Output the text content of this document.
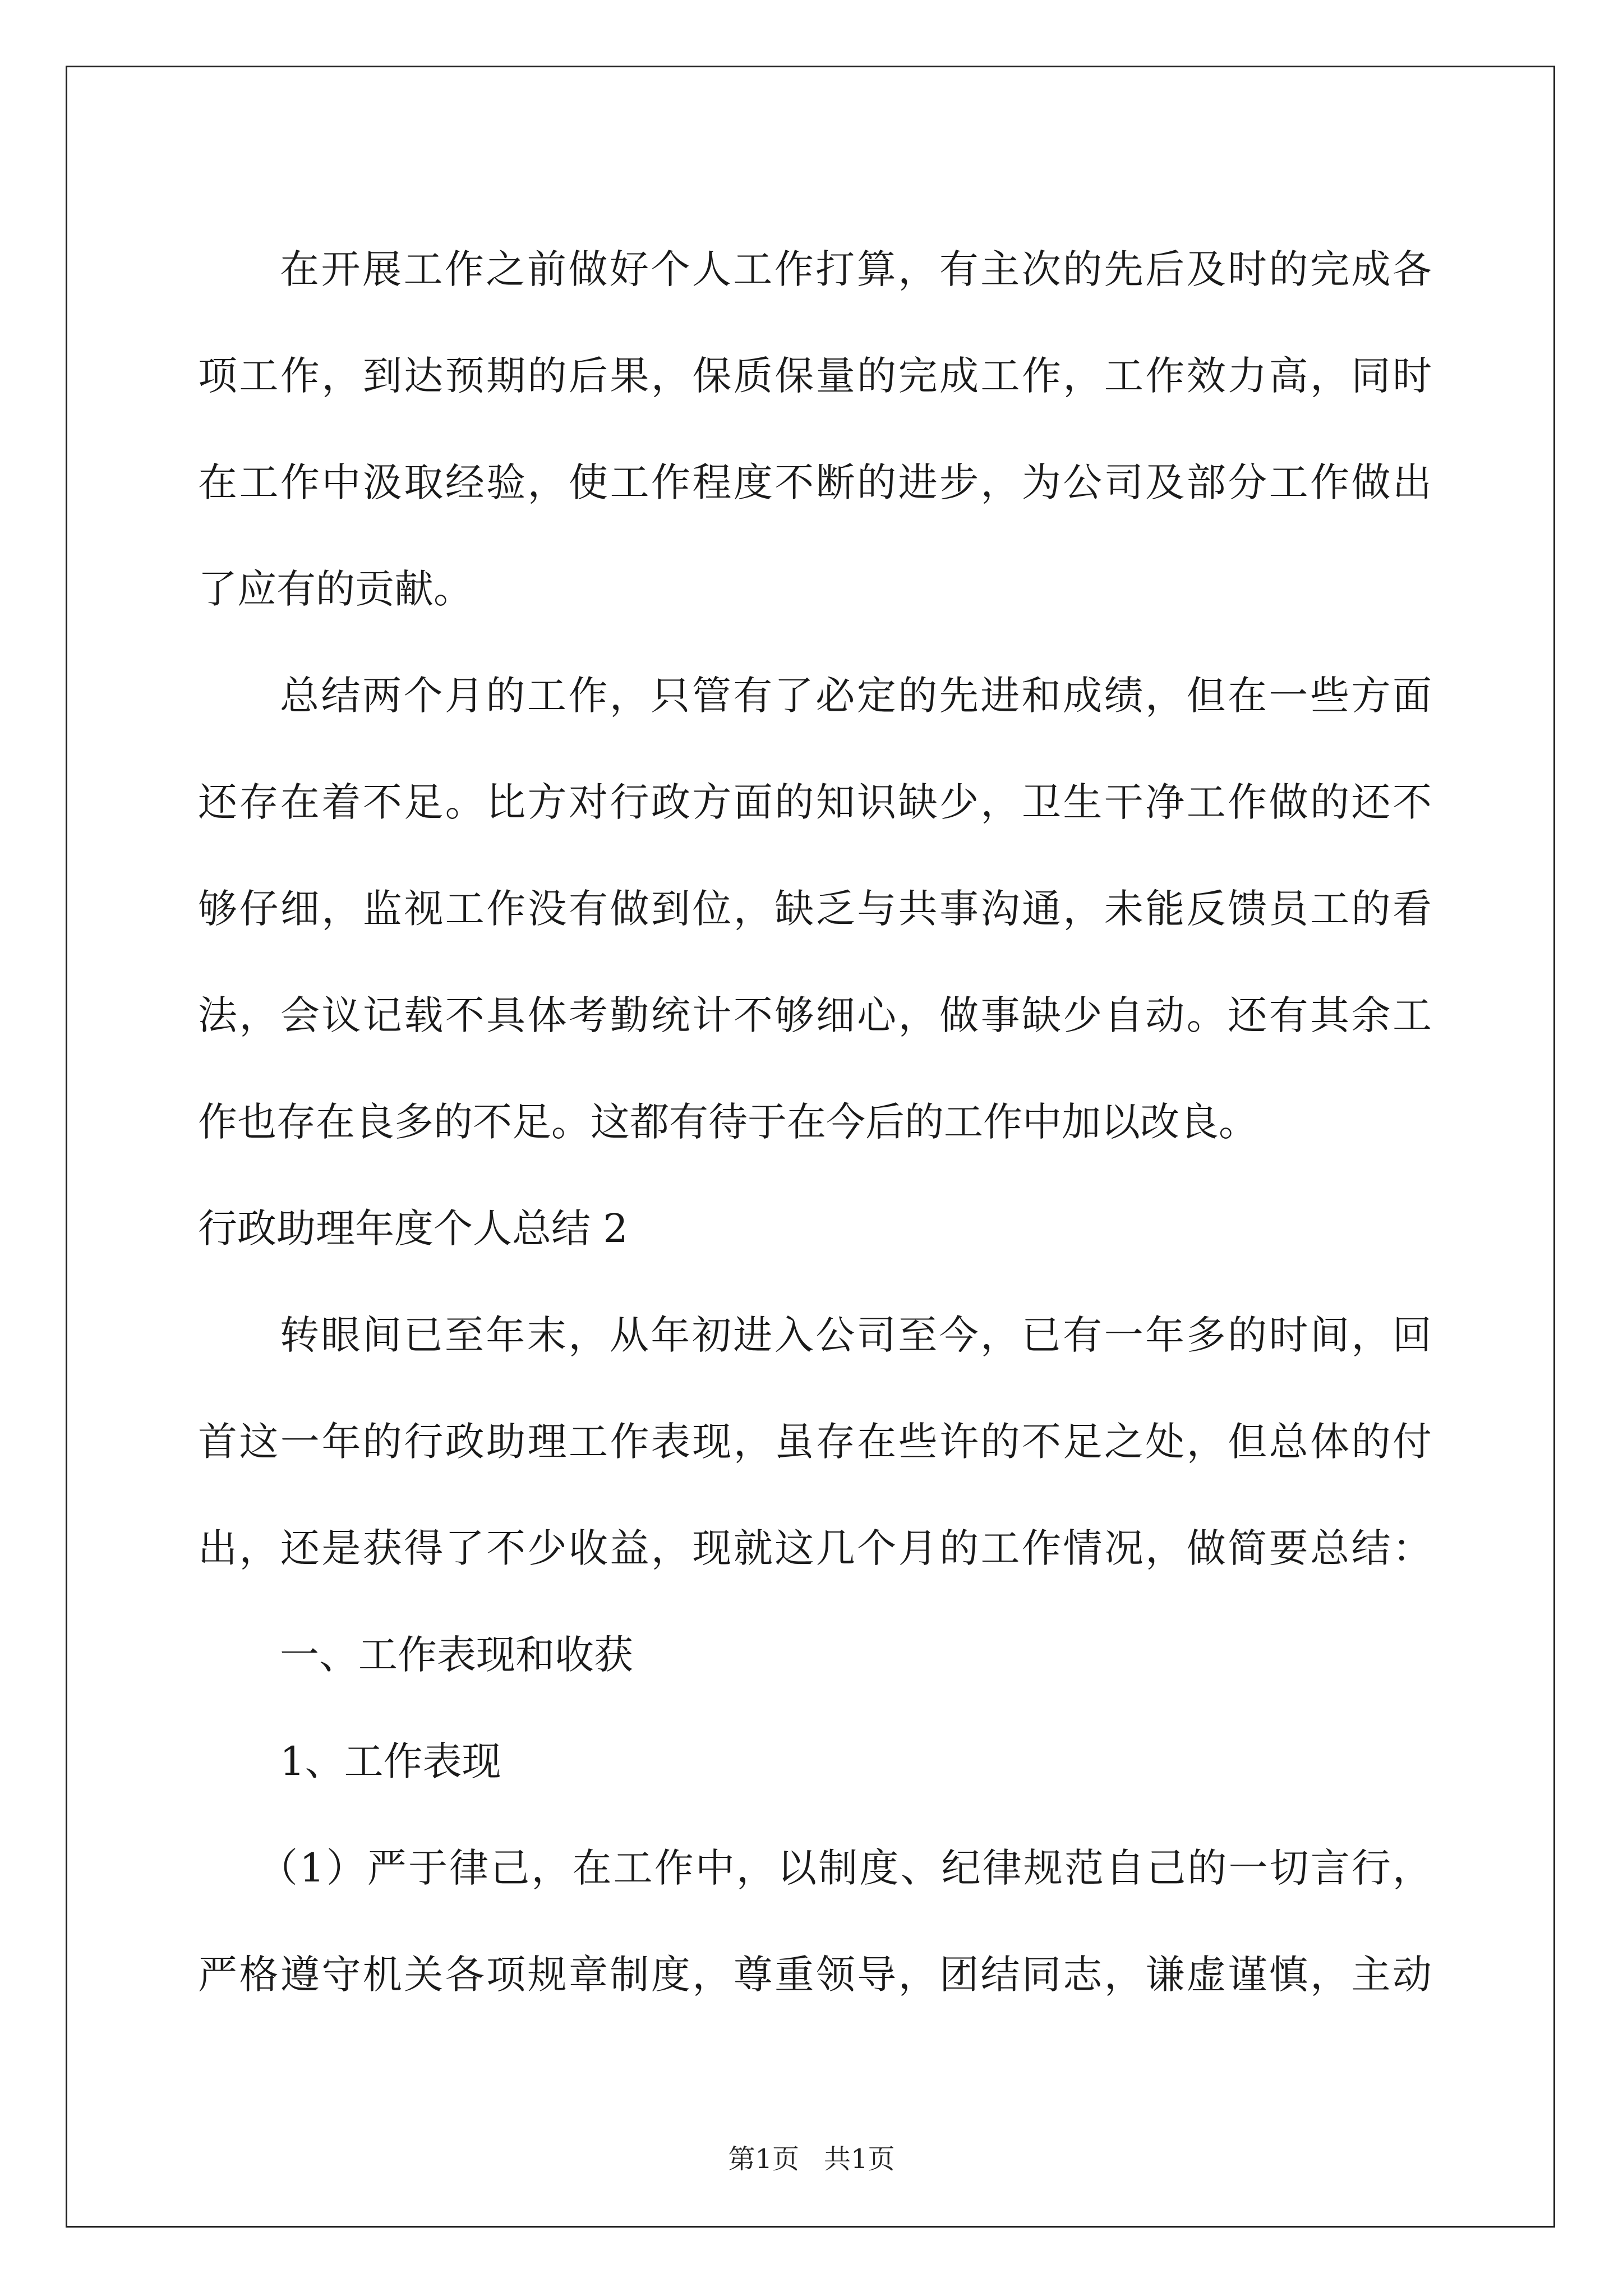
在开展工作之前做好个人工作打算，有主次的先后及时的完成各
项工作，到达预期的后果，保质保量的完成工作，工作效力高，同时
在工作中汲取经验，使工作程度不断的进步，为公司及部分工作做出
了应有的贡献。
总结两个月的工作，只管有了必定的先进和成绩，但在一些方面
还存在着不足。比方对行政方面的知识缺少，卫生干净工作做的还不
够仔细，监视工作没有做到位，缺乏与共事沟通，未能反馈员工的看
法，会议记载不具体考勤统计不够细心，做事缺少自动。还有其余工
作也存在良多的不足。这都有待于在今后的工作中加以改良。
行政助理年度个人总结 2
转眼间已至年末，从年初进入公司至今，已有一年多的时间，回
首这一年的行政助理工作表现，虽存在些许的不足之处，但总体的付
出，还是获得了不少收益，现就这几个月的工作情况，做简要总结：
一、工作表现和收获
1、工作表现
（1）严于律己，在工作中，以制度、纪律规范自己的一切言行，
严格遵守机关各项规章制度，尊重领导，团结同志，谦虚谨慎，主动
第1页 共1页
